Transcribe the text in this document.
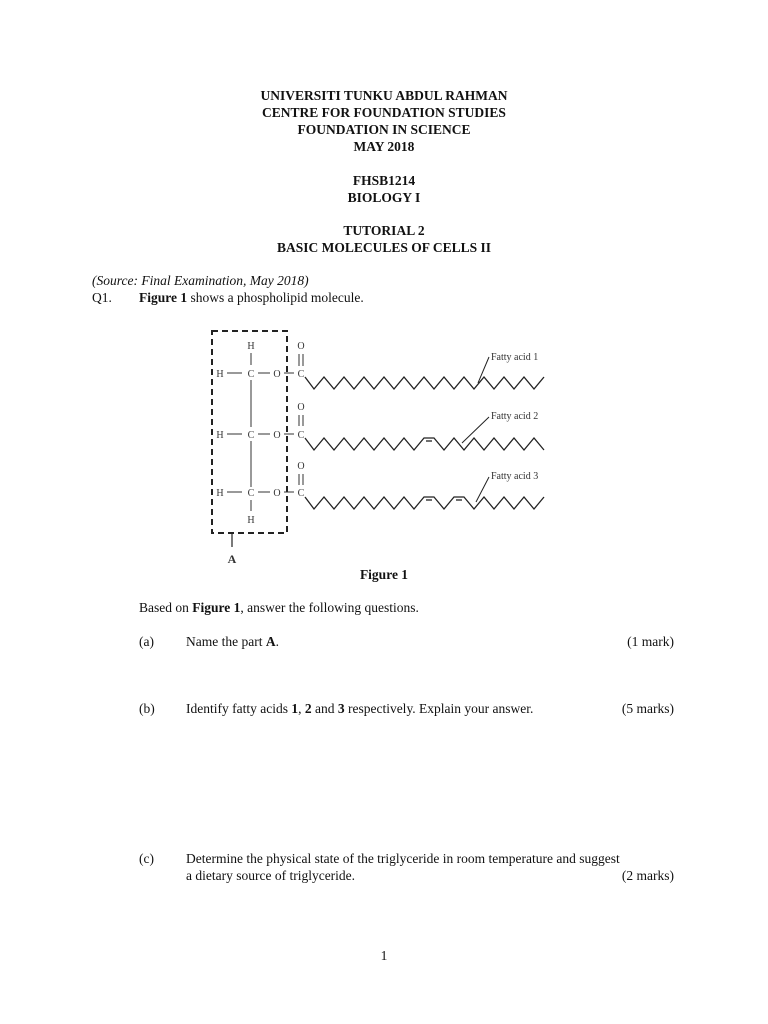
UNIVERSITI TUNKU ABDUL RAHMAN
CENTRE FOR FOUNDATION STUDIES
FOUNDATION IN SCIENCE
MAY 2018
FHSB1214
BIOLOGY I
TUTORIAL 2
BASIC MOLECULES OF CELLS II
(Source: Final Examination, May 2018)
Q1. Figure 1 shows a phospholipid molecule.
A
H
H C O
O
C
O
H C O C
O
H C O C
H
Fatty acid 1
Fatty acid 2
Fatty acid 3
Figure 1
Based on Figure 1, answer the following questions.
(a) Name the part A.	(1 mark)
(b) Identify fatty acids 1, 2 and 3 respectively. Explain your answer.	(5 marks)
(c) Determine the physical state of the triglyceride in room temperature and suggest
a dietary source of triglyceride.	(2 marks)
1
